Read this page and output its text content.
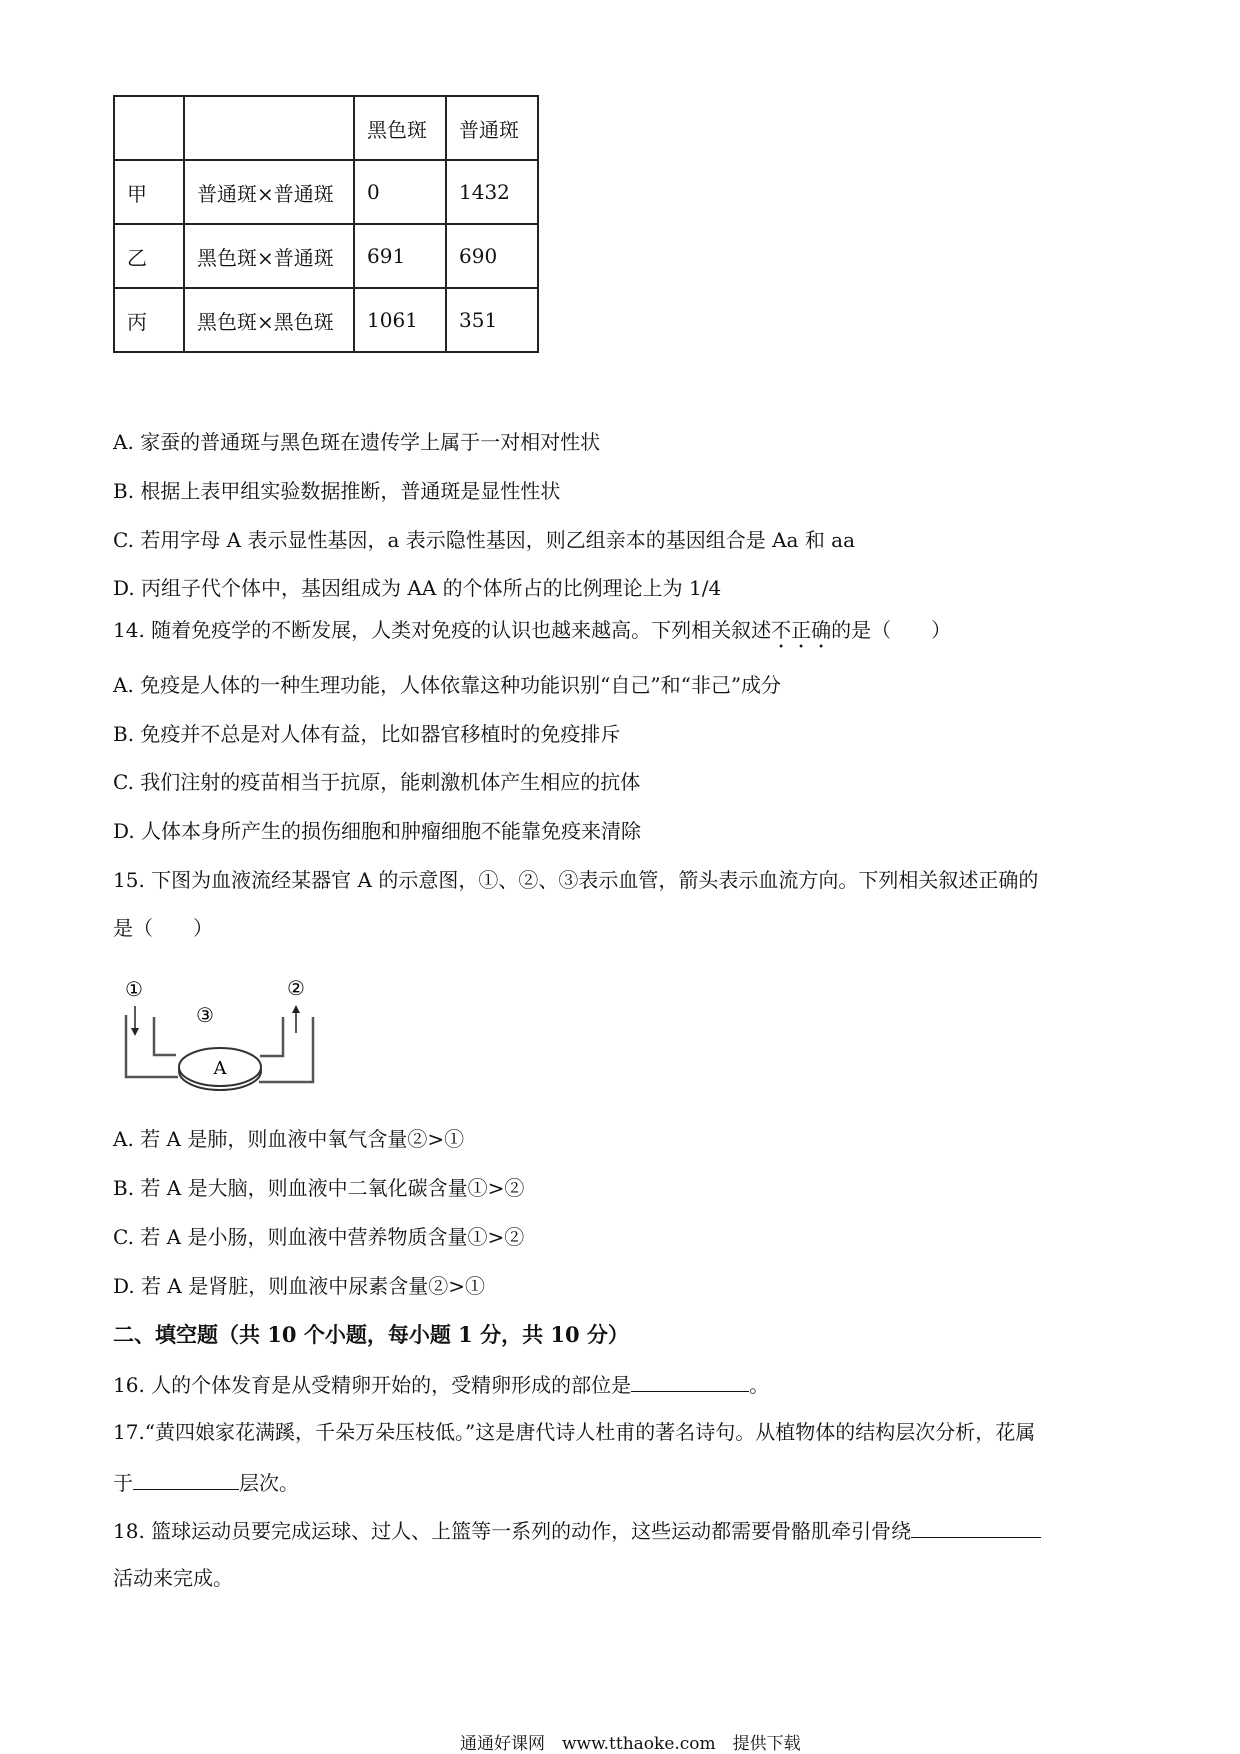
		黑色斑	普通斑
甲	普通斑×普通斑	0	1432
乙	黑色斑×普通斑	691	690
丙	黑色斑×黑色斑	1061	351
A. 家蚕的普通斑与黑色斑在遗传学上属于一对相对性状
B. 根据上表甲组实验数据推断，普通斑是显性性状
C. 若用字母 A 表示显性基因，a 表示隐性基因，则乙组亲本的基因组合是 Aa 和 aa
D. 丙组子代个体中，基因组成为 AA 的个体所占的比例理论上为 1/4
14. 随着免疫学的不断发展，人类对免疫的认识也越来越高。下列相关叙述不正确的是（　　）
A. 免疫是人体的一种生理功能，人体依靠这种功能识别“自己”和“非己”成分
B. 免疫并不总是对人体有益，比如器官移植时的免疫排斥
C. 我们注射的疫苗相当于抗原，能刺激机体产生相应的抗体
D. 人体本身所产生的损伤细胞和肿瘤细胞不能靠免疫来清除
15. 下图为血液流经某器官 A 的示意图，①、②、③表示血管，箭头表示血流方向。下列相关叙述正确的
是（　　）
①	②
③
A
A. 若 A 是肺，则血液中氧气含量②>①
B. 若 A 是大脑，则血液中二氧化碳含量①>②
C. 若 A 是小肠，则血液中营养物质含量①>②
D. 若 A 是肾脏，则血液中尿素含量②>①
二、填空题（共 10 个小题，每小题 1 分，共 10 分）
16. 人的个体发育是从受精卵开始的，受精卵形成的部位是	。
17.“黄四娘家花满蹊，千朵万朵压枝低。”这是唐代诗人杜甫的著名诗句。从植物体的结构层次分析，花属
于	层次。
18. 篮球运动员要完成运球、过人、上篮等一系列的动作，这些运动都需要骨骼肌牵引骨绕
活动来完成。
通通好课网　www.tthaoke.com　提供下载
